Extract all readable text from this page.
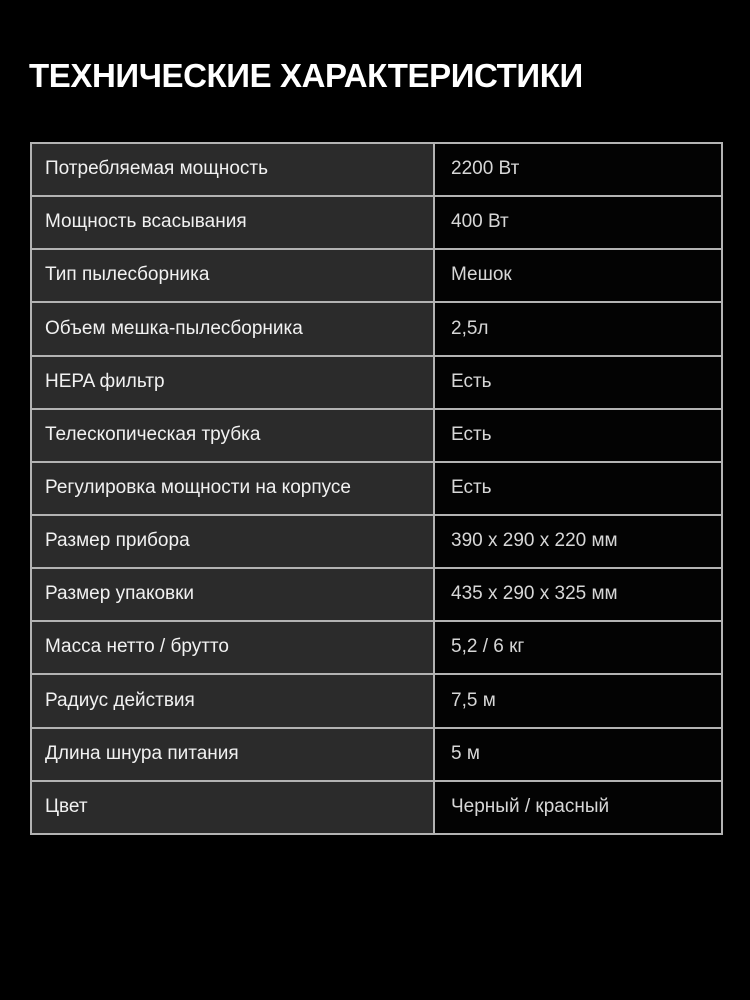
ТЕХНИЧЕСКИЕ ХАРАКТЕРИСТИКИ
Потребляемая мощность	2200 Вт
Мощность всасывания	400 Вт
Тип пылесборника	Мешок
Объем мешка-пылесборника	2,5л
HEPA фильтр	Есть
Телескопическая трубка	Есть
Регулировка мощности на корпусе	Есть
Размер прибора	390 х 290 х 220 мм
Размер упаковки	435 х 290 х 325 мм
Масса нетто / брутто	5,2 / 6 кг
Радиус действия	7,5 м
Длина шнура питания	5 м
Цвет	Черный / красный
